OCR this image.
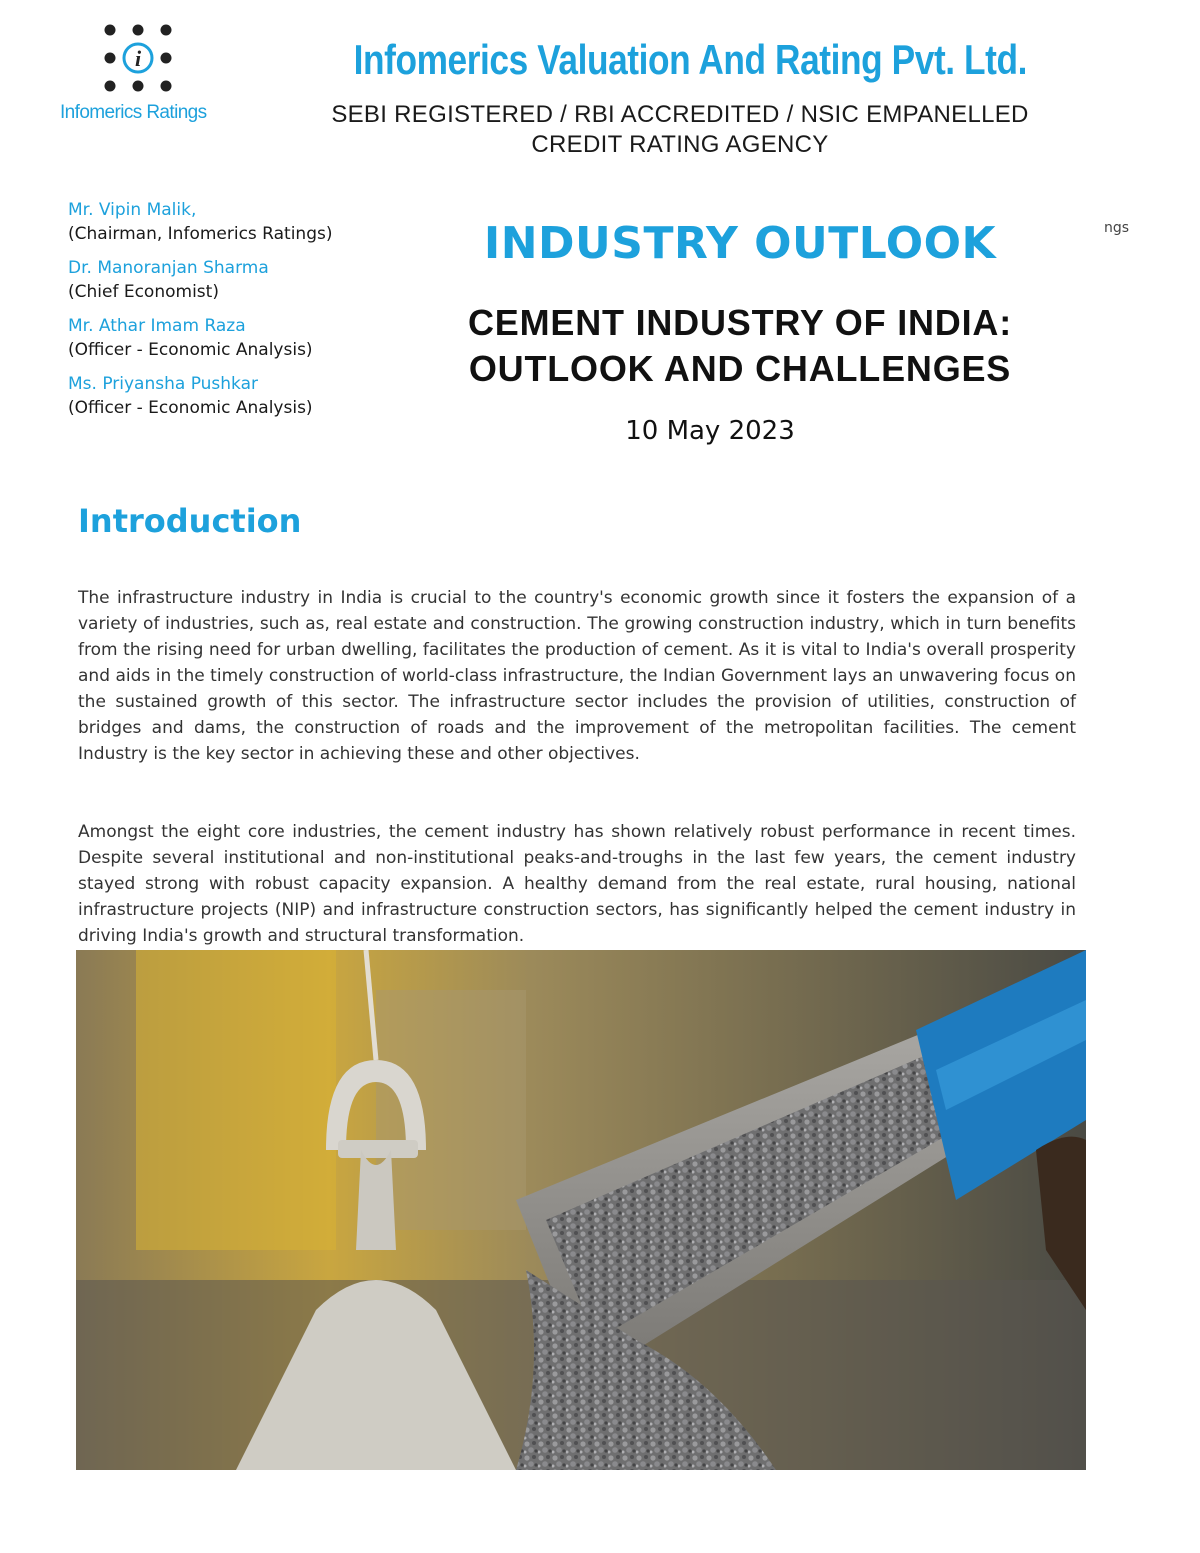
i
Infomerics Ratings
Infomerics Valuation And Rating Pvt. Ltd.
SEBI REGISTERED / RBI ACCREDITED / NSIC EMPANELLED
CREDIT RATING AGENCY
Mr. Vipin Malik,
(Chairman, Infomerics Ratings)
Dr. Manoranjan Sharma
(Chief Economist)
Mr. Athar Imam Raza
(Officer - Economic Analysis)
Ms. Priyansha Pushkar
(Officer - Economic Analysis)
ngs
INDUSTRY OUTLOOK
CEMENT INDUSTRY OF INDIA:
OUTLOOK AND CHALLENGES
10 May 2023
Introduction

The infrastructure industry in India is crucial to the country's economic growth since it fosters the expansion of a variety of industries, such as, real estate and construction. The growing construction industry, which in turn benefits from the rising need for urban dwelling, facilitates the production of cement. As it is vital to India's overall prosperity and aids in the timely construction of world-class infrastructure, the Indian Government lays an unwavering focus on the sustained growth of this sector. The infrastructure sector includes the provision of utilities, construction of bridges and dams, the construction of roads and the improvement of the metropolitan facilities. The cement Industry is the key sector in achieving these and other objectives.

Amongst the eight core industries, the cement industry has shown relatively robust performance in recent times. Despite several institutional and non-institutional peaks-and-troughs in the last few years, the cement industry stayed strong with robust capacity expansion. A healthy demand from the real estate, rural housing, national infrastructure projects (NIP) and infrastructure construction sectors, has significantly helped the cement industry in driving India's growth and structural transformation.
